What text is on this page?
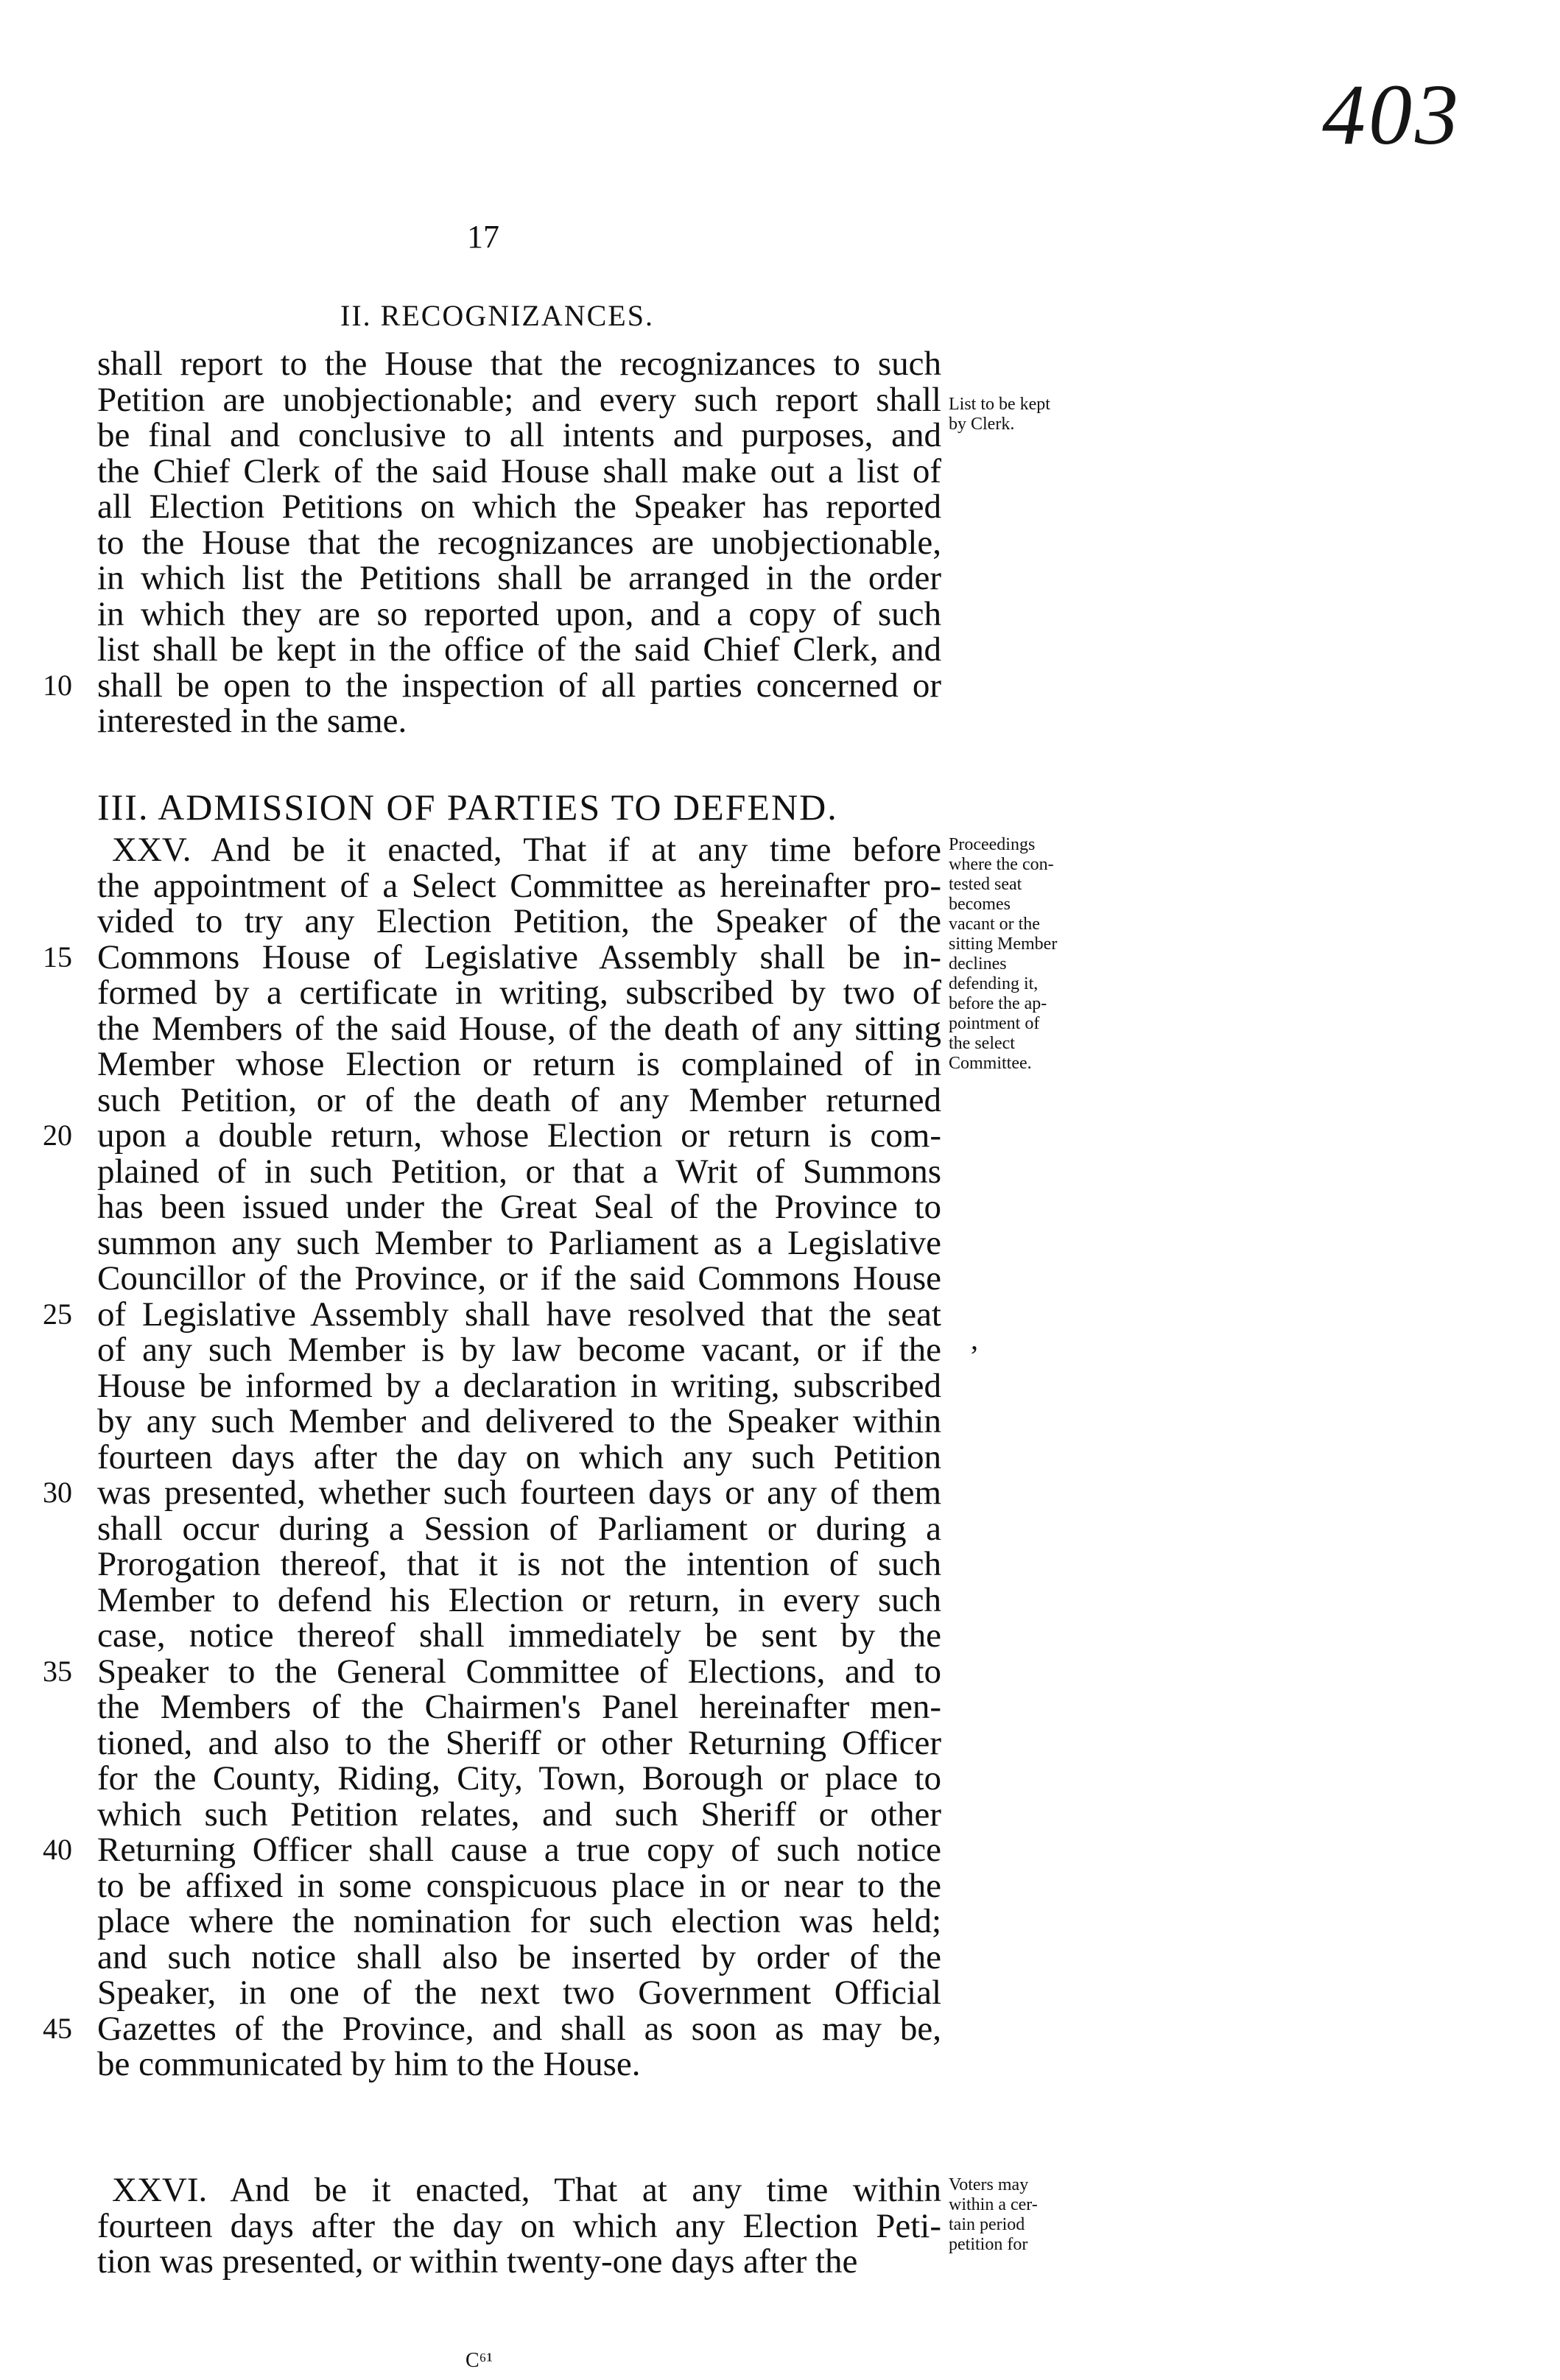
403
17
II. RECOGNIZANCES.
shall report to the House that the recognizances to such
Petition are unobjectionable; and every such report shall
be final and conclusive to all intents and purposes, and
the Chief Clerk of the said House shall make out a list of
all Election Petitions on which the Speaker has reported
to the House that the recognizances are unobjectionable,
in which list the Petitions shall be arranged in the order
in which they are so reported upon, and a copy of such
list shall be kept in the office of the said Chief Clerk, and
10 shall be open to the inspection of all parties concerned or
interested in the same.
List to be kept
by Clerk.
III. ADMISSION OF PARTIES TO DEFEND.
XXV. And be it enacted, That if at any time before
the appointment of a Select Committee as hereinafter pro-
vided to try any Election Petition, the Speaker of the
15 Commons House of Legislative Assembly shall be in-
formed by a certificate in writing, subscribed by two of
the Members of the said House, of the death of any sitting
Member whose Election or return is complained of in
such Petition, or of the death of any Member returned
20 upon a double return, whose Election or return is com-
plained of in such Petition, or that a Writ of Summons
has been issued under the Great Seal of the Province to
summon any such Member to Parliament as a Legislative
Councillor of the Province, or if the said Commons House
25 of Legislative Assembly shall have resolved that the seat
of any such Member is by law become vacant, or if the
House be informed by a declaration in writing, subscribed
by any such Member and delivered to the Speaker within
fourteen days after the day on which any such Petition
30 was presented, whether such fourteen days or any of them
shall occur during a Session of Parliament or during a
Prorogation thereof, that it is not the intention of such
Member to defend his Election or return, in every such
case, notice thereof shall immediately be sent by the
35 Speaker to the General Committee of Elections, and to
the Members of the Chairmen's Panel hereinafter men-
tioned, and also to the Sheriff or other Returning Officer
for the County, Riding, City, Town, Borough or place to
which such Petition relates, and such Sheriff or other
40 Returning Officer shall cause a true copy of such notice
to be affixed in some conspicuous place in or near to the
place where the nomination for such election was held;
and such notice shall also be inserted by order of the
Speaker, in one of the next two Government Official
45 Gazettes of the Province, and shall as soon as may be,
be communicated by him to the House.
Proceedings
where the con-
tested seat
becomes
vacant or the
sitting Member
declines
defending it,
before the ap-
pointment of
the select
Committee.
XXVI. And be it enacted, That at any time within
fourteen days after the day on which any Election Peti-
tion was presented, or within twenty-one days after the
Voters may
within a cer-
tain period
petition for
,
C⁶¹
